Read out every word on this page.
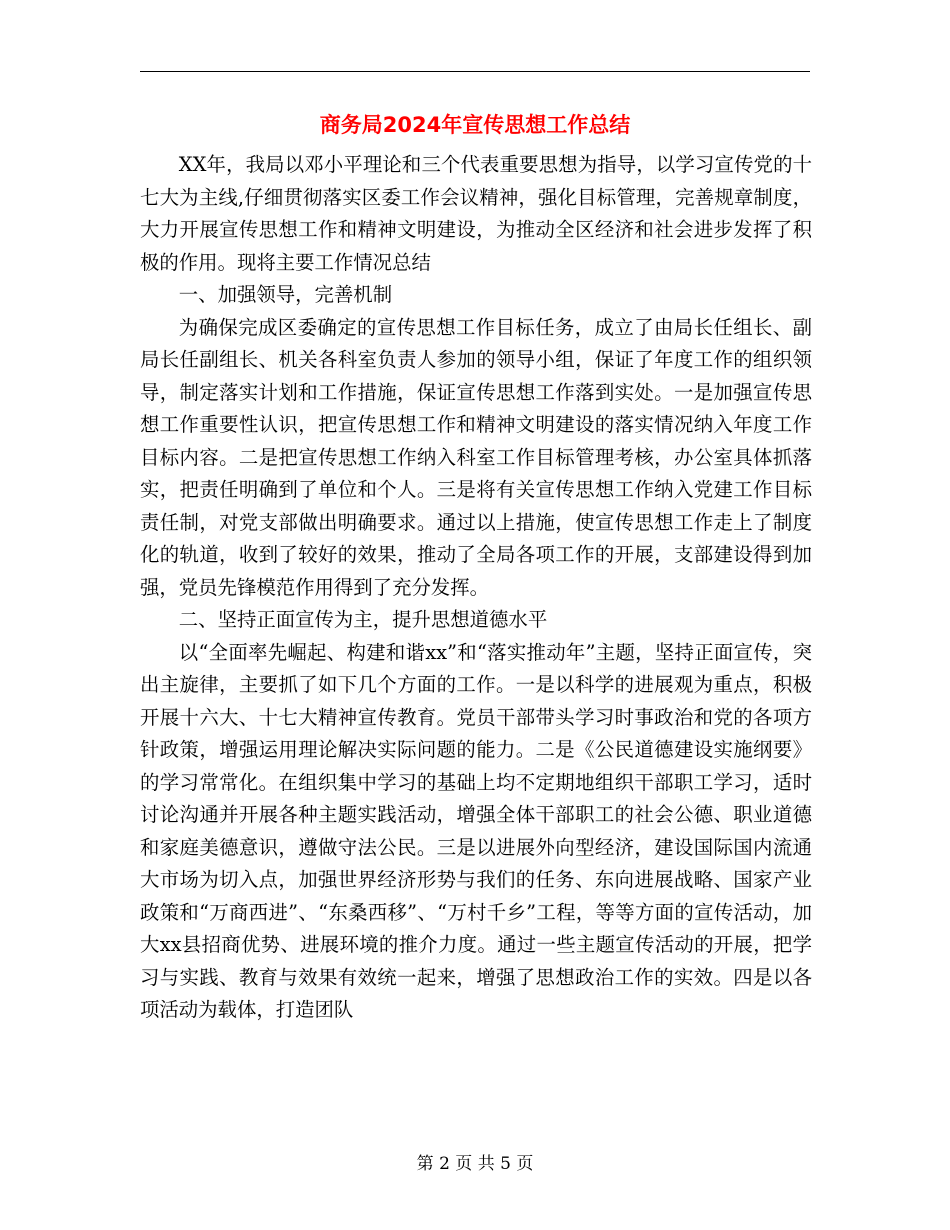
商务局2024年宣传思想工作总结

XX年，我局以邓小平理论和三个代表重要思想为指导，以学习宣传党的十七大为主线,仔细贯彻落实区委工作会议精神，强化目标管理，完善规章制度，大力开展宣传思想工作和精神文明建设，为推动全区经济和社会进步发挥了积极的作用。现将主要工作情况总结

一、加强领导，完善机制

为确保完成区委确定的宣传思想工作目标任务，成立了由局长任组长、副局长任副组长、机关各科室负责人参加的领导小组，保证了年度工作的组织领导，制定落实计划和工作措施，保证宣传思想工作落到实处。一是加强宣传思想工作重要性认识，把宣传思想工作和精神文明建设的落实情况纳入年度工作目标内容。二是把宣传思想工作纳入科室工作目标管理考核，办公室具体抓落实，把责任明确到了单位和个人。三是将有关宣传思想工作纳入党建工作目标责任制，对党支部做出明确要求。通过以上措施，使宣传思想工作走上了制度化的轨道，收到了较好的效果，推动了全局各项工作的开展，支部建设得到加强，党员先锋模范作用得到了充分发挥。

二、坚持正面宣传为主，提升思想道德水平

以“全面率先崛起、构建和谐xx”和“落实推动年”主题，坚持正面宣传，突出主旋律，主要抓了如下几个方面的工作。一是以科学的进展观为重点，积极开展十六大、十七大精神宣传教育。党员干部带头学习时事政治和党的各项方针政策，增强运用理论解决实际问题的能力。二是《公民道德建设实施纲要》的学习常常化。在组织集中学习的基础上均不定期地组织干部职工学习，适时讨论沟通并开展各种主题实践活动，增强全体干部职工的社会公德、职业道德和家庭美德意识，遵做守法公民。三是以进展外向型经济，建设国际国内流通大市场为切入点，加强世界经济形势与我们的任务、东向进展战略、国家产业政策和“万商西进”、“东桑西移”、“万村千乡”工程，等等方面的宣传活动，加大xx县招商优势、进展环境的推介力度。通过一些主题宣传活动的开展，把学习与实践、教育与效果有效统一起来，增强了思想政治工作的实效。四是以各项活动为载体，打造团队

第 2 页 共 5 页
